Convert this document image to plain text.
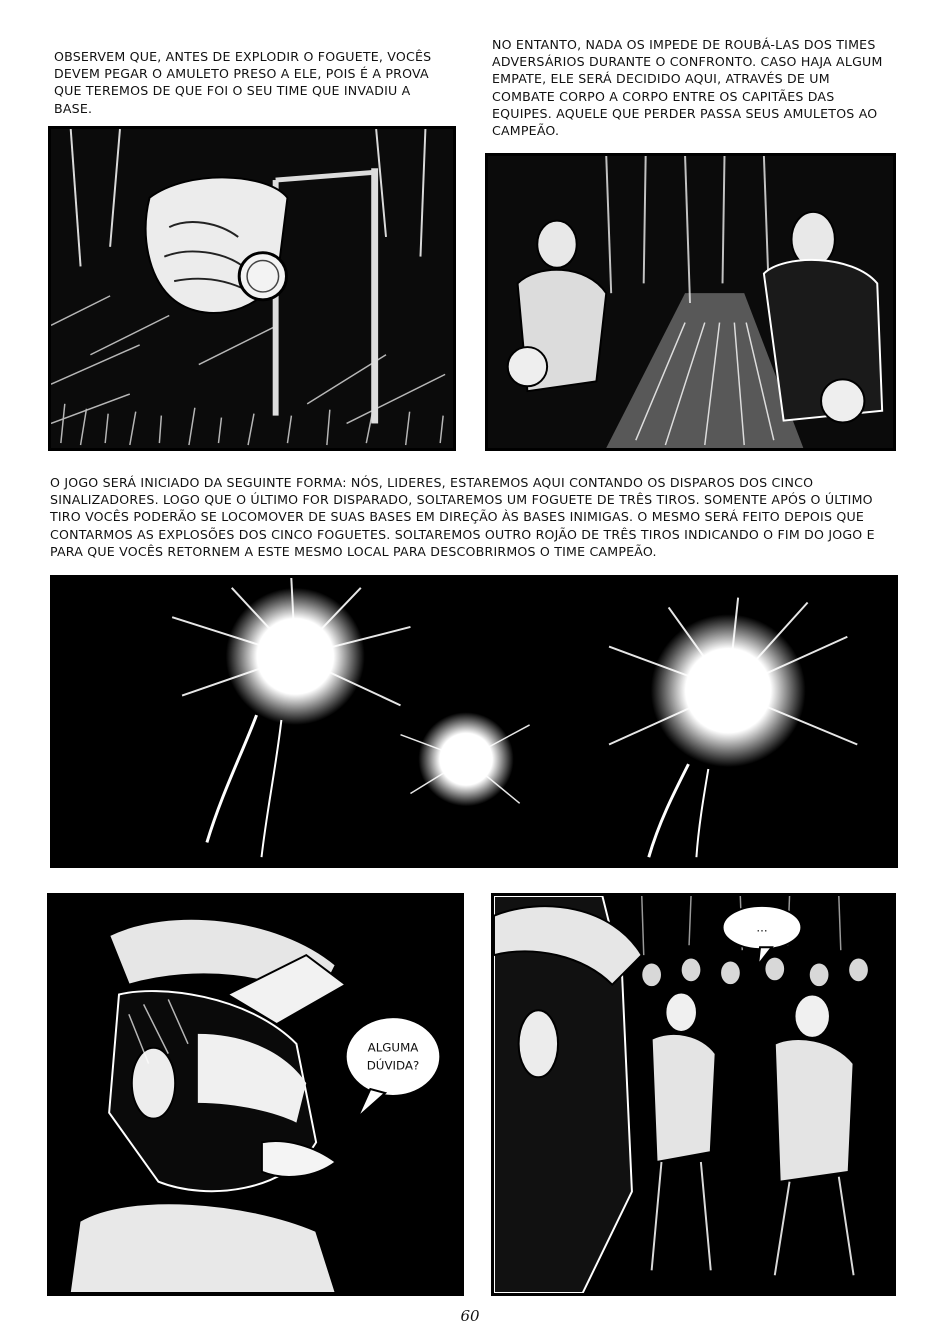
OBSERVEM QUE, ANTES DE EXPLODIR O FOGUETE, VOCÊS DEVEM PEGAR O AMULETO PRESO A ELE, POIS É A PROVA QUE TEREMOS DE QUE FOI O SEU TIME QUE INVADIU A BASE.
NO ENTANTO, NADA OS IMPEDE DE ROUBÁ-LAS DOS TIMES ADVERSÁRIOS DURANTE O CONFRONTO. CASO HAJA ALGUM EMPATE, ELE SERÁ DECIDIDO AQUI, ATRAVÉS DE UM COMBATE CORPO A CORPO ENTRE OS CAPITÃES DAS EQUIPES. AQUELE QUE PERDER PASSA SEUS AMULETOS AO CAMPEÃO.
O JOGO SERÁ INICIADO DA SEGUINTE FORMA: NÓS, LIDERES, ESTAREMOS AQUI CONTANDO OS DISPAROS DOS CINCO SINALIZADORES. LOGO QUE O ÚLTIMO FOR DISPARADO, SOLTAREMOS UM FOGUETE DE TRÊS TIROS. SOMENTE APÓS O ÚLTIMO TIRO VOCÊS PODERÃO SE LOCOMOVER DE SUAS BASES EM DIREÇÃO ÀS BASES INIMIGAS. O MESMO SERÁ FEITO DEPOIS QUE CONTARMOS AS EXPLOSÕES DOS CINCO FOGUETES. SOLTAREMOS OUTRO ROJÃO DE TRÊS TIROS INDICANDO O FIM DO JOGO E PARA QUE VOCÊS RETORNEM A ESTE MESMO LOCAL PARA DESCOBRIRMOS O TIME CAMPEÃO.
ALGUMA
DÚVIDA?
...
60
